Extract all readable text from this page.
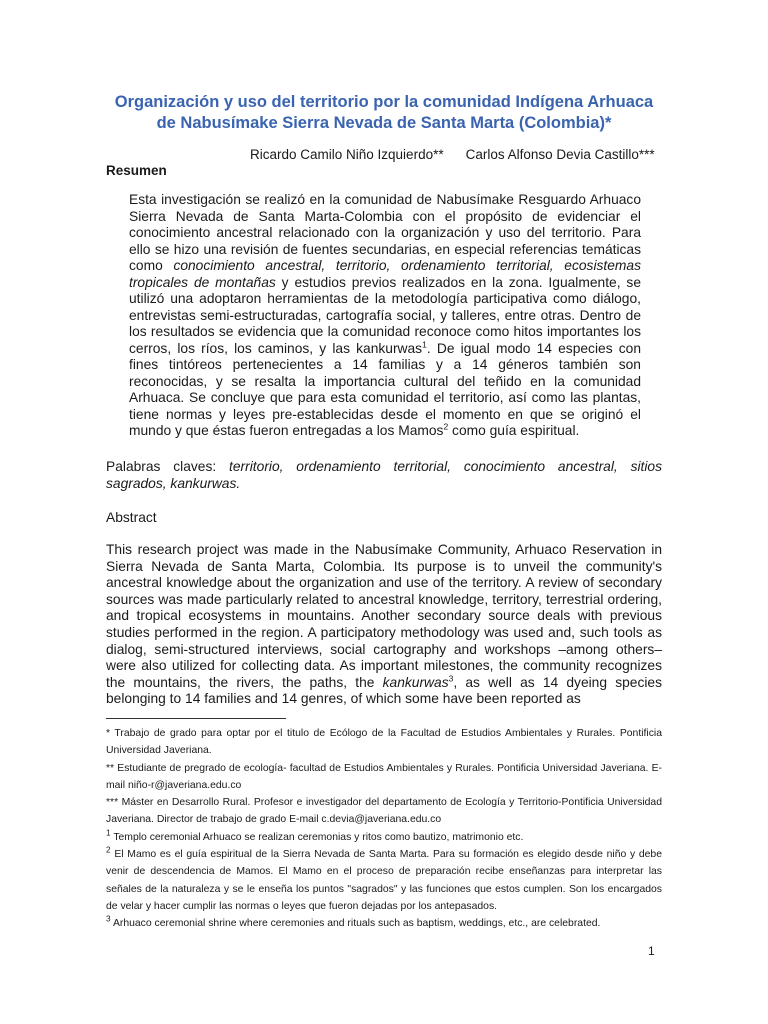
Organización y uso del territorio por la comunidad Indígena Arhuaca
de Nabusímake Sierra Nevada de Santa Marta (Colombia)*
Ricardo Camilo Niño Izquierdo** Carlos Alfonso Devia Castillo***
Resumen
Esta investigación se realizó en la comunidad de Nabusímake Resguardo Arhuaco Sierra Nevada de Santa Marta-Colombia con el propósito de evidenciar el conocimiento ancestral relacionado con la organización y uso del territorio. Para ello se hizo una revisión de fuentes secundarias, en especial referencias temáticas como conocimiento ancestral, territorio, ordenamiento territorial, ecosistemas tropicales de montañas y estudios previos realizados en la zona. Igualmente, se utilizó una adoptaron herramientas de la metodología participativa como diálogo, entrevistas semi-estructuradas, cartografía social, y talleres, entre otras. Dentro de los resultados se evidencia que la comunidad reconoce como hitos importantes los cerros, los ríos, los caminos, y las kankurwas$^1$. De igual modo 14 especies con fines tintóreos pertenecientes a 14 familias y a 14 géneros también son reconocidas, y se resalta la importancia cultural del teñido en la comunidad Arhuaca. Se concluye que para esta comunidad el territorio, así como las plantas, tiene normas y leyes pre-establecidas desde el momento en que se originó el mundo y que éstas fueron entregadas a los Mamos$^2$ como guía espiritual.
Palabras claves: territorio, ordenamiento territorial, conocimiento ancestral, sitios sagrados, kankurwas.
Abstract
This research project was made in the Nabusímake Community, Arhuaco Reservation in Sierra Nevada de Santa Marta, Colombia. Its purpose is to unveil the community's ancestral knowledge about the organization and use of the territory. A review of secondary sources was made particularly related to ancestral knowledge, territory, terrestrial ordering, and tropical ecosystems in mountains. Another secondary source deals with previous studies performed in the region. A participatory methodology was used and, such tools as dialog, semi-structured interviews, social cartography and workshops –among others– were also utilized for collecting data. As important milestones, the community recognizes the mountains, the rivers, the paths, the kankurwas$^3$, as well as 14 dyeing species belonging to 14 families and 14 genres, of which some have been reported as

* Trabajo de grado para optar por el titulo de Ecólogo de la Facultad de Estudios Ambientales y Rurales. Pontificia Universidad Javeriana.

** Estudiante de pregrado de ecología- facultad de Estudios Ambientales y Rurales. Pontificia Universidad Javeriana. E-mail niño-r@javeriana.edu.co

*** Máster en Desarrollo Rural. Profesor e investigador del departamento de Ecología y Territorio-Pontificia Universidad Javeriana. Director de trabajo de grado E-mail c.devia@javeriana.edu.co

$^1$ Templo ceremonial Arhuaco se realizan ceremonias y ritos como bautizo, matrimonio etc.

$^2$ El Mamo es el guía espiritual de la Sierra Nevada de Santa Marta. Para su formación es elegido desde niño y debe venir de descendencia de Mamos. El Mamo en el proceso de preparación recibe enseñanzas para interpretar las señales de la naturaleza y se le enseña los puntos "sagrados" y las funciones que estos cumplen. Son los encargados de velar y hacer cumplir las normas o leyes que fueron dejadas por los antepasados.

$^3$ Arhuaco ceremonial shrine where ceremonies and rituals such as baptism, weddings, etc., are celebrated.

1
